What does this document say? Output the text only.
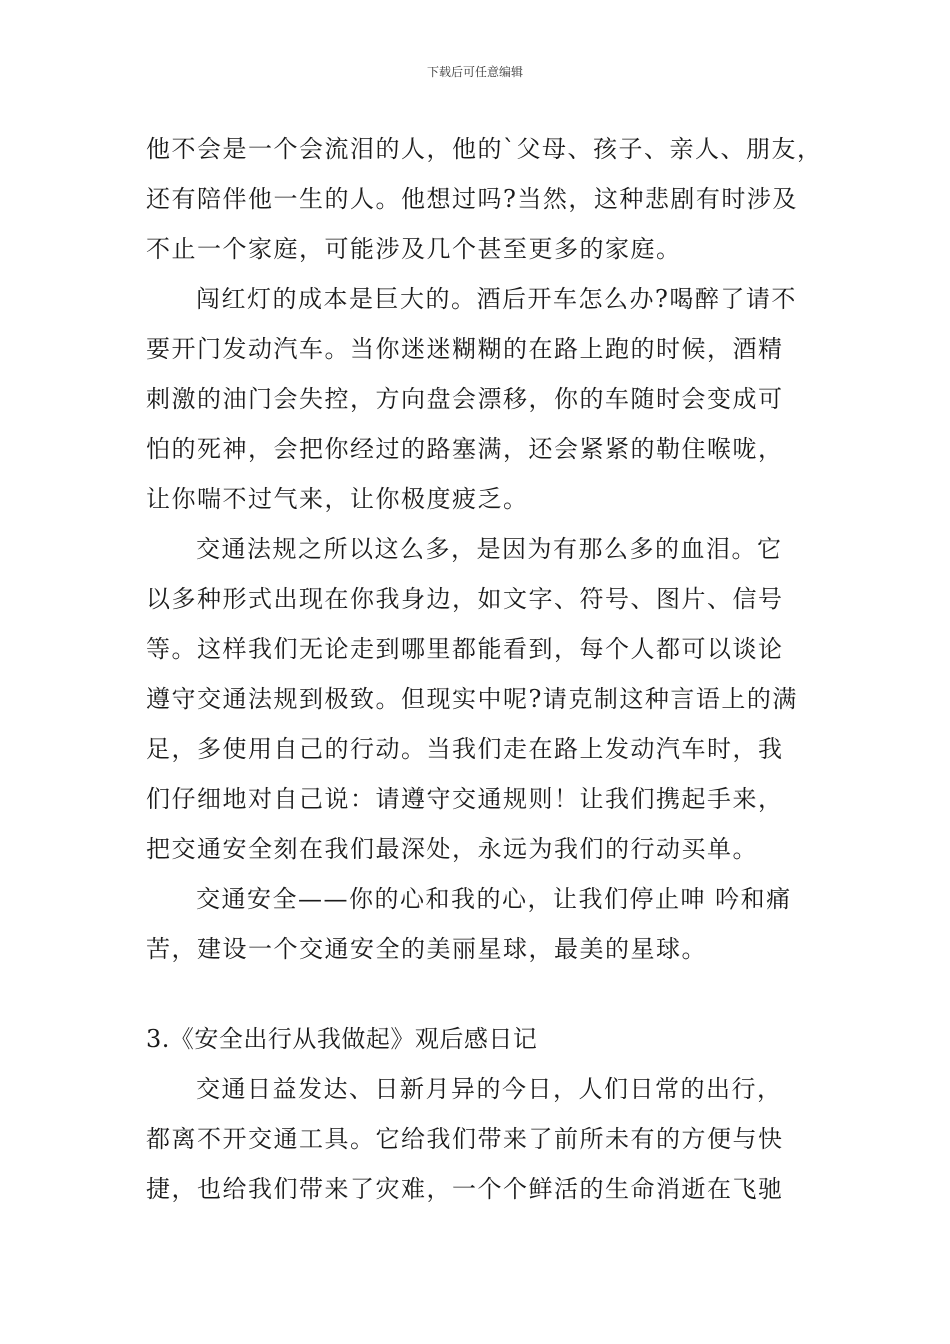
下载后可任意编辑
他不会是一个会流泪的人，他的`父母、孩子、亲人、朋友，
还有陪伴他一生的人。他想过吗?当然，这种悲剧有时涉及
不止一个家庭，可能涉及几个甚至更多的家庭。
闯红灯的成本是巨大的。酒后开车怎么办?喝醉了请不
要开门发动汽车。当你迷迷糊糊的在路上跑的时候，酒精
刺激的油门会失控，方向盘会漂移，你的车随时会变成可
怕的死神，会把你经过的路塞满，还会紧紧的勒住喉咙，
让你喘不过气来，让你极度疲乏。
交通法规之所以这么多，是因为有那么多的血泪。它
以多种形式出现在你我身边，如文字、符号、图片、信号
等。这样我们无论走到哪里都能看到，每个人都可以谈论
遵守交通法规到极致。但现实中呢?请克制这种言语上的满
足，多使用自己的行动。当我们走在路上发动汽车时，我
们仔细地对自己说：请遵守交通规则！让我们携起手来，
把交通安全刻在我们最深处，永远为我们的行动买单。
交通安全——你的心和我的心，让我们停止呻 吟和痛
苦，建设一个交通安全的美丽星球，最美的星球。
3.《安全出行从我做起》观后感日记
交通日益发达、日新月异的今日，人们日常的出行，
都离不开交通工具。它给我们带来了前所未有的方便与快
捷，也给我们带来了灾难，一个个鲜活的生命消逝在飞驰
